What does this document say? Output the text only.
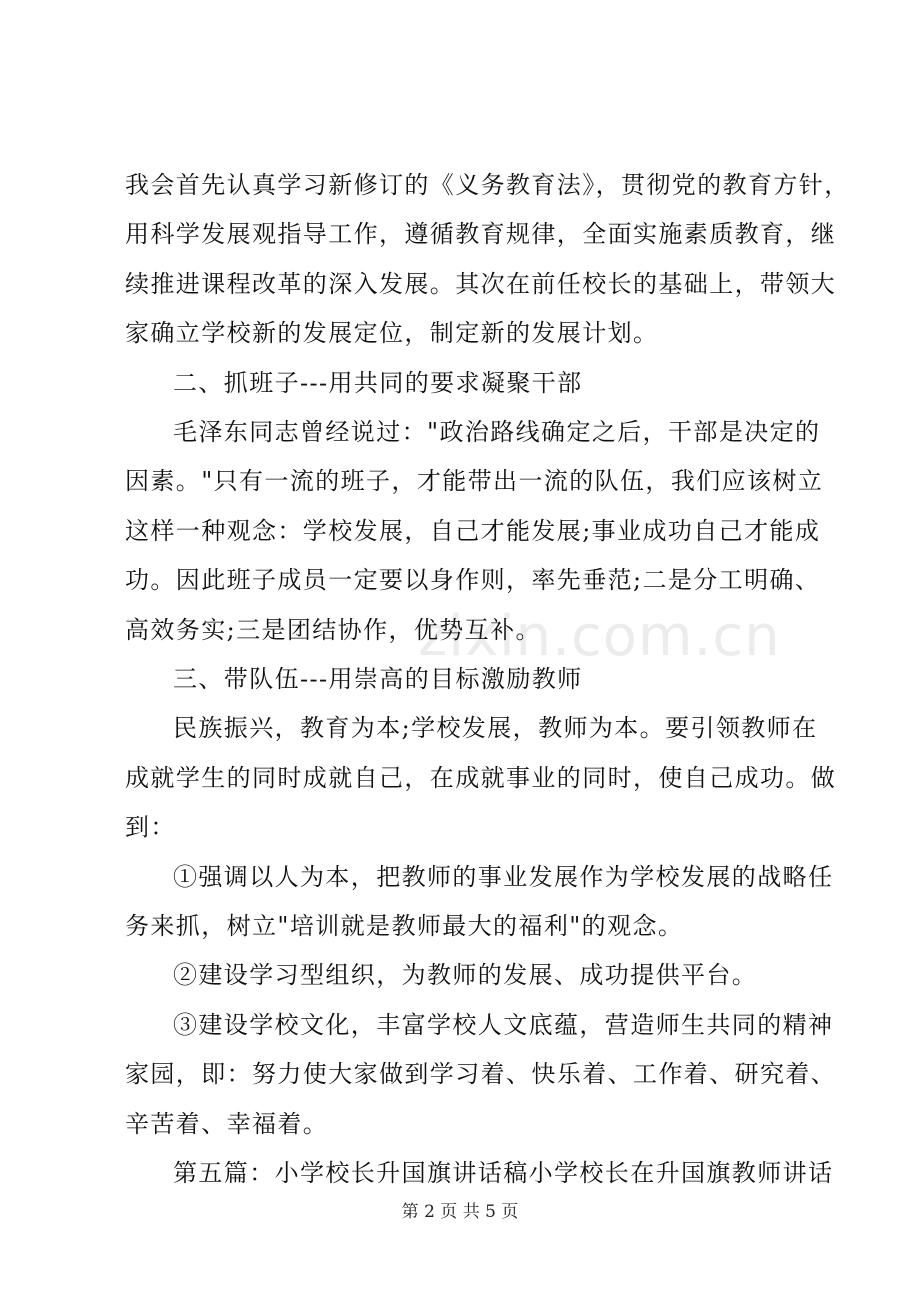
zixin.com.cn
我会首先认真学习新修订的《义务教育法》，贯彻党的教育方针，
用科学发展观指导工作，遵循教育规律，全面实施素质教育，继
续推进课程改革的深入发展。其次在前任校长的基础上，带领大
家确立学校新的发展定位，制定新的发展计划。
二、抓班子---用共同的要求凝聚干部
毛泽东同志曾经说过："政治路线确定之后，干部是决定的
因素。"只有一流的班子，才能带出一流的队伍，我们应该树立
这样一种观念：学校发展，自己才能发展;事业成功自己才能成
功。因此班子成员一定要以身作则，率先垂范;二是分工明确、
高效务实;三是团结协作，优势互补。
三、带队伍---用崇高的目标激励教师
民族振兴，教育为本;学校发展，教师为本。要引领教师在
成就学生的同时成就自己，在成就事业的同时，使自己成功。做
到：
①强调以人为本，把教师的事业发展作为学校发展的战略任
务来抓，树立"培训就是教师最大的福利"的观念。
②建设学习型组织，为教师的发展、成功提供平台。
③建设学校文化，丰富学校人文底蕴，营造师生共同的精神
家园，即：努力使大家做到学习着、快乐着、工作着、研究着、
辛苦着、幸福着。
第五篇：小学校长升国旗讲话稿小学校长在升国旗教师讲话
第 2 页 共 5 页
